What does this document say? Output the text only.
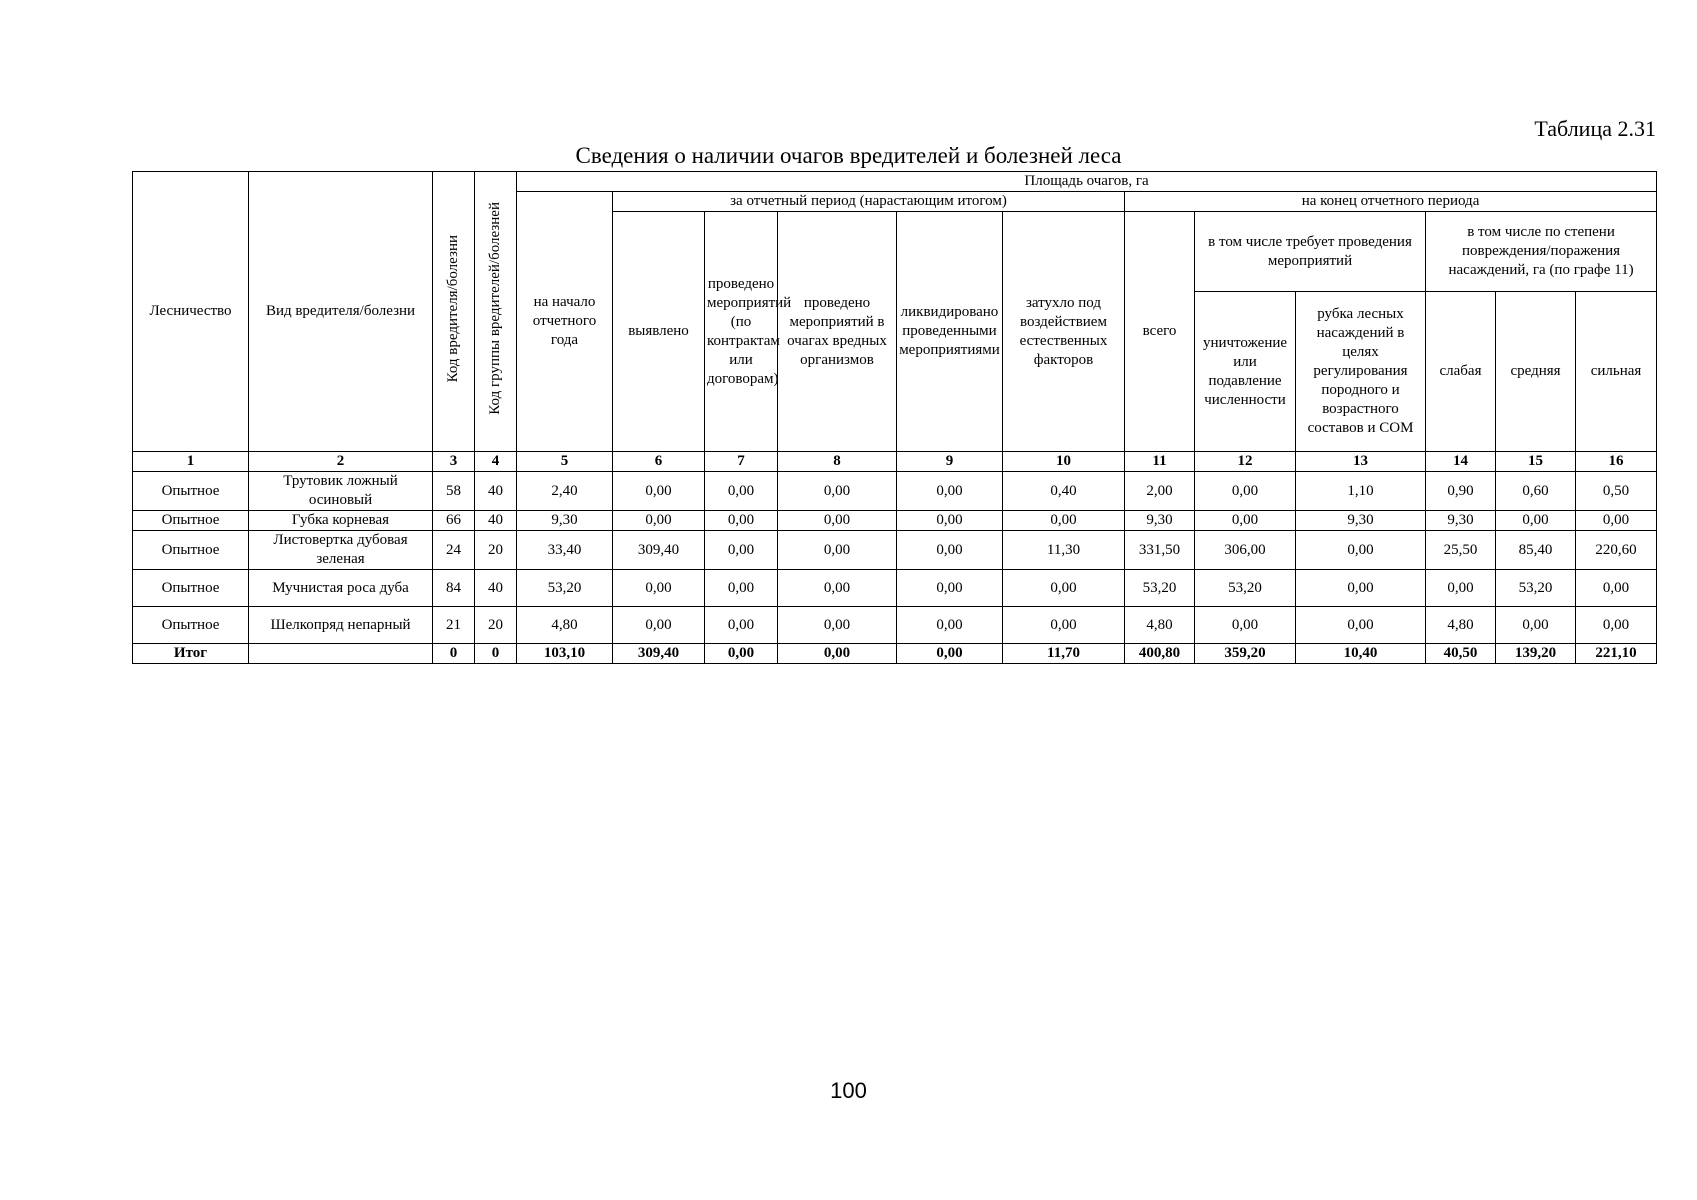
Таблица 2.31
Сведения о наличии очагов вредителей и болезней леса
Лесничество	Вид вредителя/болезни	Код вредителя/болезни	Код группы вредителей/болезней	Площадь очагов, га											
				на начало отчетного года	за отчетный период (нарастающим итогом)					на конец отчетного периода					
					выявлено	проведено мероприятий (по контрактам или договорам)	проведено мероприятий в очагах вредных организмов	ликвидировано проведенными мероприятиями	затухло под воздействием естественных факторов	всего	в том числе требует проведения мероприятий		в том числе по степени повреждения/поражения насаждений, га (по графе 11)		
											уничтожение или подавление численности	рубка лесных насаждений в целях регулирования породного и возрастного составов и СОМ	слабая	средняя	сильная
1	2	3	4	5	6	7	8	9	10	11	12	13	14	15	16
Опытное	Трутовик ложный осиновый	58	40	2,40	0,00	0,00	0,00	0,00	0,40	2,00	0,00	1,10	0,90	0,60	0,50
Опытное	Губка корневая	66	40	9,30	0,00	0,00	0,00	0,00	0,00	9,30	0,00	9,30	9,30	0,00	0,00
Опытное	Листовертка дубовая зеленая	24	20	33,40	309,40	0,00	0,00	0,00	11,30	331,50	306,00	0,00	25,50	85,40	220,60
Опытное	Мучнистая роса дуба	84	40	53,20	0,00	0,00	0,00	0,00	0,00	53,20	53,20	0,00	0,00	53,20	0,00
Опытное	Шелкопряд непарный	21	20	4,80	0,00	0,00	0,00	0,00	0,00	4,80	0,00	0,00	4,80	0,00	0,00
Итог		0	0	103,10	309,40	0,00	0,00	0,00	11,70	400,80	359,20	10,40	40,50	139,20	221,10
100
